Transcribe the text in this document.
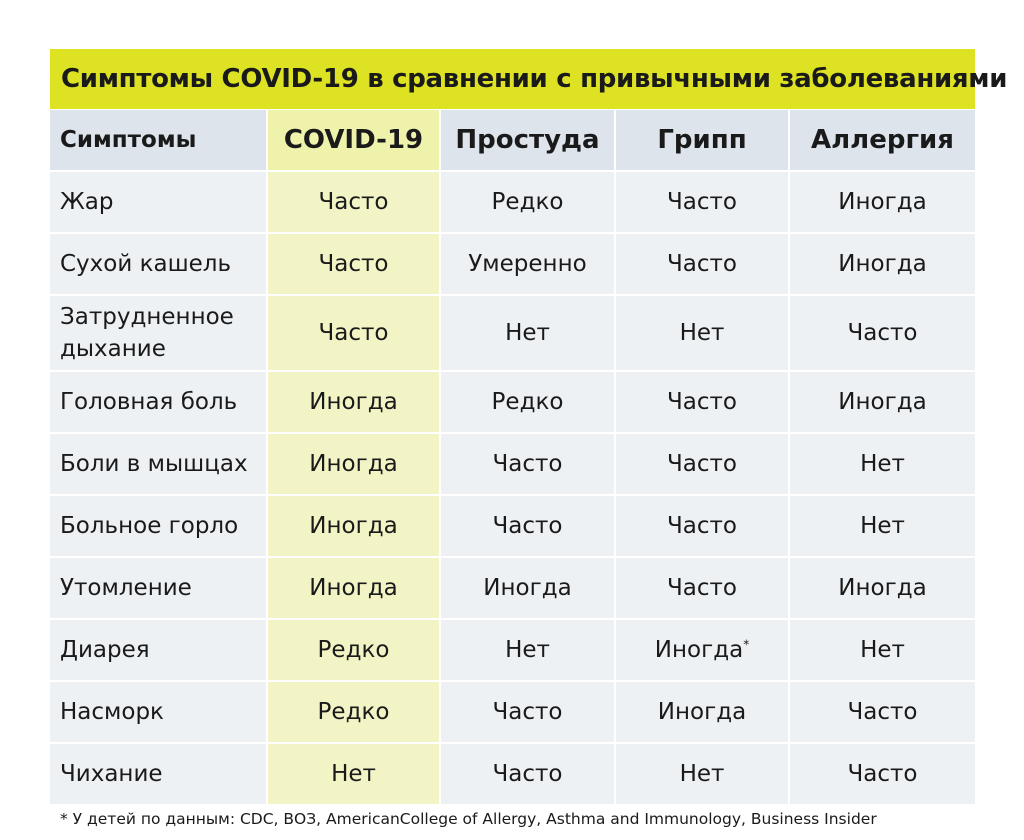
Симптомы COVID-19 в сравнении с привычными заболеваниями
Симптомы	COVID-19	Простуда	Грипп	Аллергия
Жар	Часто	Редко	Часто	Иногда
Сухой кашель	Часто	Умеренно	Часто	Иногда
Затрудненное дыхание	Часто	Нет	Нет	Часто
Головная боль	Иногда	Редко	Часто	Иногда
Боли в мышцах	Иногда	Часто	Часто	Нет
Больное горло	Иногда	Часто	Часто	Нет
Утомление	Иногда	Иногда	Часто	Иногда
Диарея	Редко	Нет	Иногда*	Нет
Насморк	Редко	Часто	Иногда	Часто
Чихание	Нет	Часто	Нет	Часто
* У детей по данным: CDC, ВОЗ, AmericanCollege of Allergy, Asthma and Immunology, Business Insider
